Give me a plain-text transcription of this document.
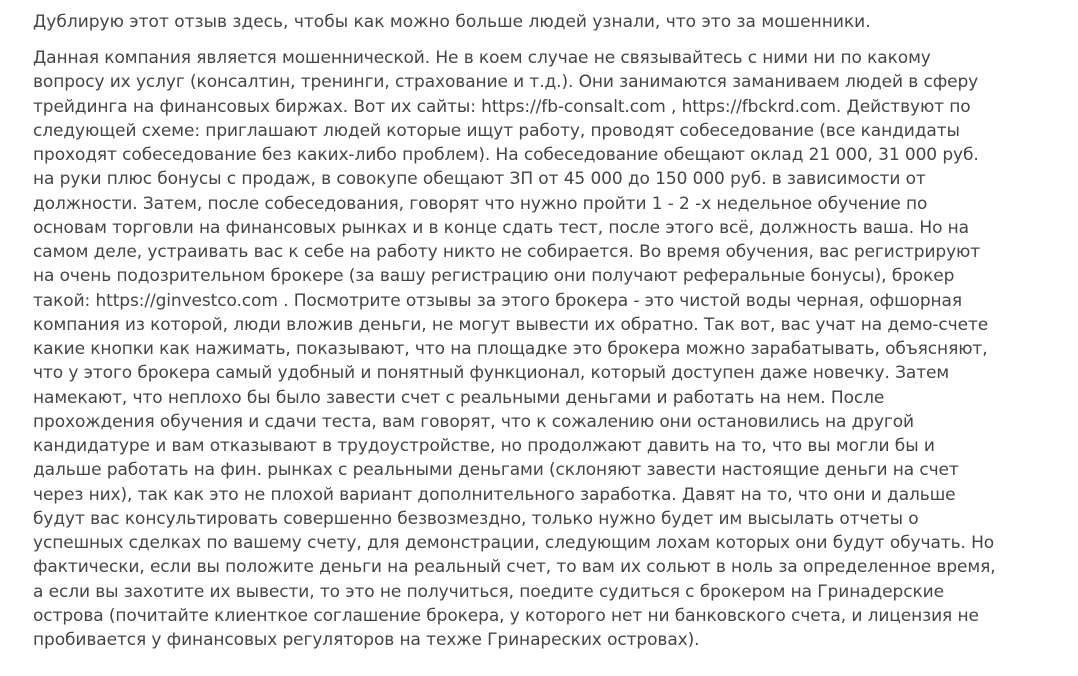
Дублирую этот отзыв здесь, чтобы как можно больше людей узнали, что это за мошенники.
Данная компания является мошеннической. Не в коем случае не связывайтесь с ними ни по какому
вопросу их услуг (консалтин, тренинги, страхование и т.д.). Они занимаются заманиваем людей в сферу
трейдинга на финансовых биржах. Вот их сайты: https://fb-consalt.com , https://fbckrd.com. Действуют по
следующей схеме: приглашают людей которые ищут работу, проводят собеседование (все кандидаты
проходят собеседование без каких-либо проблем). На собеседование обещают оклад 21 000, 31 000 руб.
на руки плюс бонусы с продаж, в совокупе обещают ЗП от 45 000 до 150 000 руб. в зависимости от
должности. Затем, после собеседования, говорят что нужно пройти 1 - 2 -х недельное обучение по
основам торговли на финансовых рынках и в конце сдать тест, после этого всё, должность ваша. Но на
самом деле, устраивать вас к себе на работу никто не собирается. Во время обучения, вас регистрируют
на очень подозрительном брокере (за вашу регистрацию они получают реферальные бонусы), брокер
такой: https://ginvestco.com . Посмотрите отзывы за этого брокера - это чистой воды черная, офшорная
компания из которой, люди вложив деньги, не могут вывести их обратно. Так вот, вас учат на демо-счете
какие кнопки как нажимать, показывают, что на площадке это брокера можно зарабатывать, объясняют,
что у этого брокера самый удобный и понятный функционал, который доступен даже новечку. Затем
намекают, что неплохо бы было завести счет с реальными деньгами и работать на нем. После
прохождения обучения и сдачи теста, вам говорят, что к сожалению они остановились на другой
кандидатуре и вам отказывают в трудоустройстве, но продолжают давить на то, что вы могли бы и
дальше работать на фин. рынках с реальными деньгами (склоняют завести настоящие деньги на счет
через них), так как это не плохой вариант дополнительного заработка. Давят на то, что они и дальше
будут вас консультировать совершенно безвозмездно, только нужно будет им высылать отчеты о
успешных сделках по вашему счету, для демонстрации, следующим лохам которых они будут обучать. Но
фактически, если вы положите деньги на реальный счет, то вам их сольют в ноль за определенное время,
а если вы захотите их вывести, то это не получиться, поедите судиться с брокером на Гринадерские
острова (почитайте клиенткое соглашение брокера, у которого нет ни банковского счета, и лицензия не
пробивается у финансовых регуляторов на техже Гринареских островах).
